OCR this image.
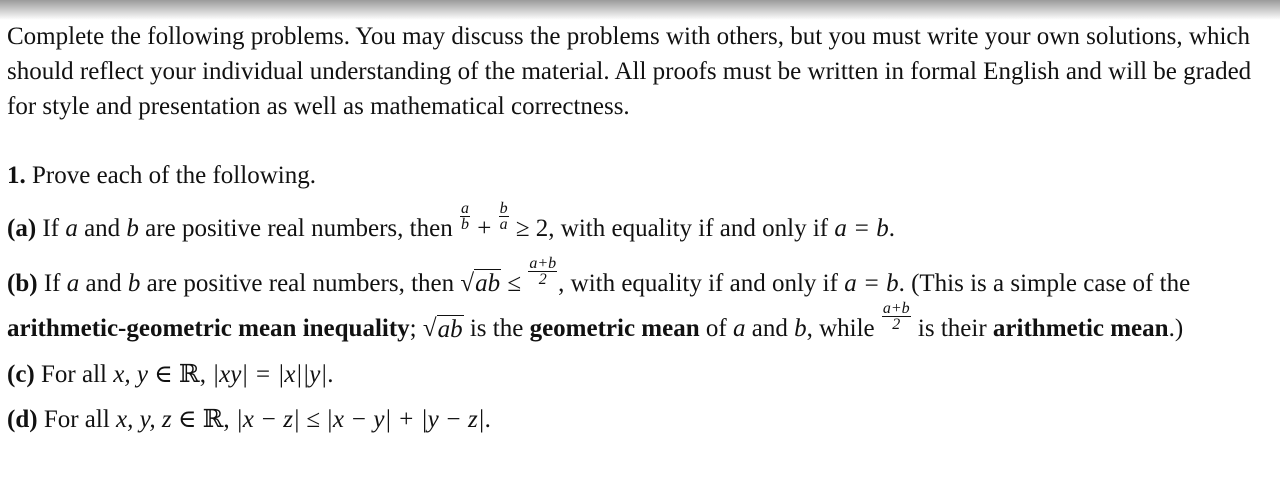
Complete the following problems. You may discuss the problems with others, but you must write your own solutions, which should reflect your individual understanding of the material. All proofs must be written in formal English and will be graded for style and presentation as well as mathematical correctness.

1. Prove each of the following.

(a) If a and b are positive real numbers, then $\frac{a}{b} + \frac{b}{a} \ge 2$, with equality if and only if a = b.

(b) If a and b are positive real numbers, then $√ab \le \frac{a+b}{2}$ , with equality if and only if a = b. (This is a simple case of the arithmetic-geometric mean inequality; √ab is the geometric mean of a and b, while $\frac{a+b}{2}$ is their arithmetic mean.)

(c) For all x, y ∈ ℝ, |xy| = |x||y|.

(d) For all x, y, z ∈ ℝ, |x − z| ≤ |x − y| + |y − z|.
